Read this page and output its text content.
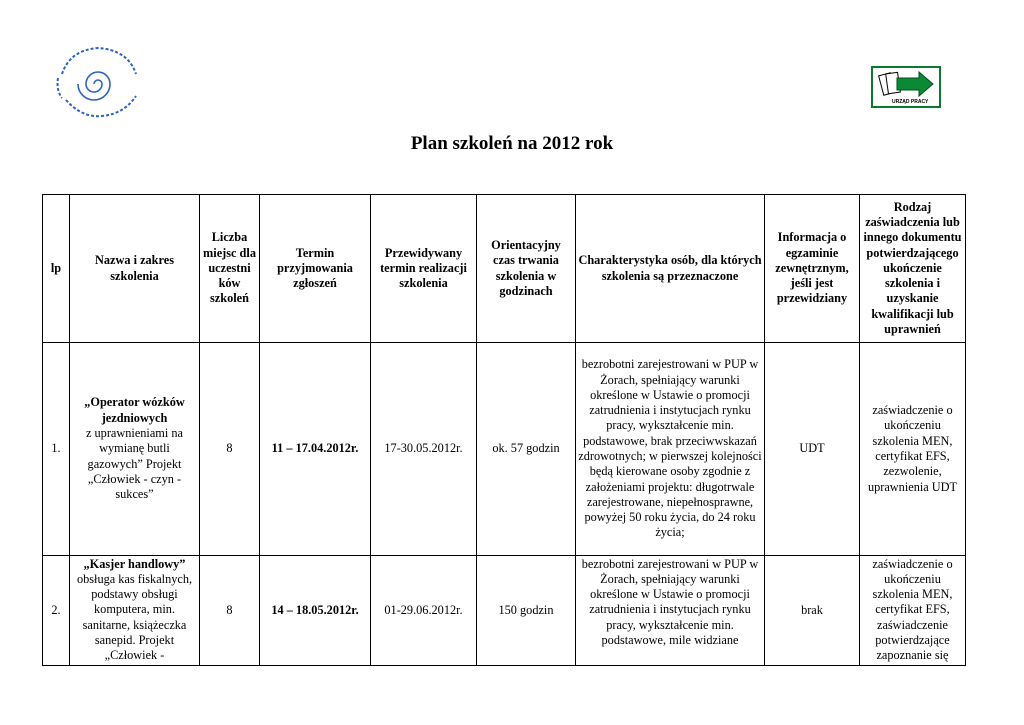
URZĄD PRACY
Plan szkoleń na 2012 rok
lp	Nazwa i zakres szkolenia	Liczba miejsc dla uczestni ków szkoleń	Termin przyjmowania zgłoszeń	Przewidywany termin realizacji szkolenia	Orientacyjny czas trwania szkolenia w godzinach	Charakterystyka osób, dla których szkolenia są przeznaczone	Informacja o egzaminie zewnętrznym, jeśli jest przewidziany	Rodzaj zaświadczenia lub innego dokumentu potwierdzającego ukończenie szkolenia i uzyskanie kwalifikacji lub uprawnień
1.	„Operator wózków jezdniowych
z uprawnieniami na wymianę butli gazowych” Projekt „Człowiek - czyn - sukces”	8	11 – 17.04.2012r.	17-30.05.2012r.	ok. 57 godzin	bezrobotni zarejestrowani w PUP w Żorach, spełniający warunki określone w Ustawie o promocji zatrudnienia i instytucjach rynku pracy, wykształcenie min. podstawowe, brak przeciwwskazań zdrowotnych; w pierwszej kolejności będą kierowane osoby zgodnie z założeniami projektu: długotrwale zarejestrowane, niepełnosprawne, powyżej 50 roku życia, do 24 roku życia;	UDT	zaświadczenie o ukończeniu szkolenia MEN, certyfikat EFS, zezwolenie, uprawnienia UDT
2.	„Kasjer handlowy”
obsługa kas fiskalnych, podstawy obsługi komputera, min. sanitarne, książeczka sanepid. Projekt „Człowiek -	8	14 – 18.05.2012r.	01-29.06.2012r.	150 godzin	bezrobotni zarejestrowani w PUP w Żorach, spełniający warunki określone w Ustawie o promocji zatrudnienia i instytucjach rynku pracy, wykształcenie min. podstawowe, mile widziane	brak	zaświadczenie o ukończeniu szkolenia MEN, certyfikat EFS, zaświadczenie potwierdzające zapoznanie się
